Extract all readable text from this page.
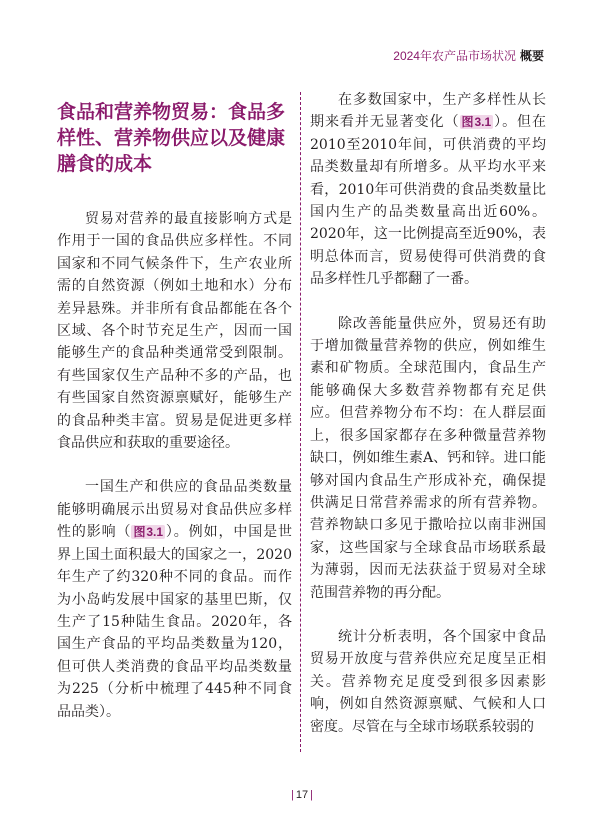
2024年农产品市场状况 概要
食品和营养物贸易：食品多样性、营养物供应以及健康膳食的成本

贸易对营养的最直接影响方式是作用于一国的食品供应多样性。不同国家和不同气候条件下，生产农业所需的自然资源（例如土地和水）分布差异悬殊。并非所有食品都能在各个区域、各个时节充足生产，因而一国能够生产的食品种类通常受到限制。有些国家仅生产品种不多的产品，也有些国家自然资源禀赋好，能够生产的食品种类丰富。贸易是促进更多样食品供应和获取的重要途径。

一国生产和供应的食品品类数量能够明确展示出贸易对食品供应多样性的影响（ 图3.1 ）。例如，中国是世界上国土面积最大的国家之一，2020年生产了约320种不同的食品。而作为小岛屿发展中国家的基里巴斯，仅生产了15种陆生食品。2020年，各国生产食品的平均品类数量为120，但可供人类消费的食品平均品类数量为225（分析中梳理了445种不同食品品类）。

在多数国家中，生产多样性从长期来看并无显著变化（ 图3.1 ）。但在2010至2010年间，可供消费的平均品类数量却有所增多。从平均水平来看，2010年可供消费的食品类数量比国内生产的品类数量高出近60%。2020年，这一比例提高至近90%，表明总体而言，贸易使得可供消费的食品多样性几乎都翻了一番。

除改善能量供应外，贸易还有助于增加微量营养物的供应，例如维生素和矿物质。全球范围内，食品生产能够确保大多数营养物都有充足供应。但营养物分布不均：在人群层面上，很多国家都存在多种微量营养物缺口，例如维生素A、钙和锌。进口能够对国内食品生产形成补充，确保提供满足日常营养需求的所有营养物。营养物缺口多见于撒哈拉以南非洲国家，这些国家与全球食品市场联系最为薄弱，因而无法获益于贸易对全球范围营养物的再分配。

统计分析表明，各个国家中食品贸易开放度与营养供应充足度呈正相关。营养物充足度受到很多因素影响，例如自然资源禀赋、气候和人口密度。尽管在与全球市场联系较弱的

| 17 |
